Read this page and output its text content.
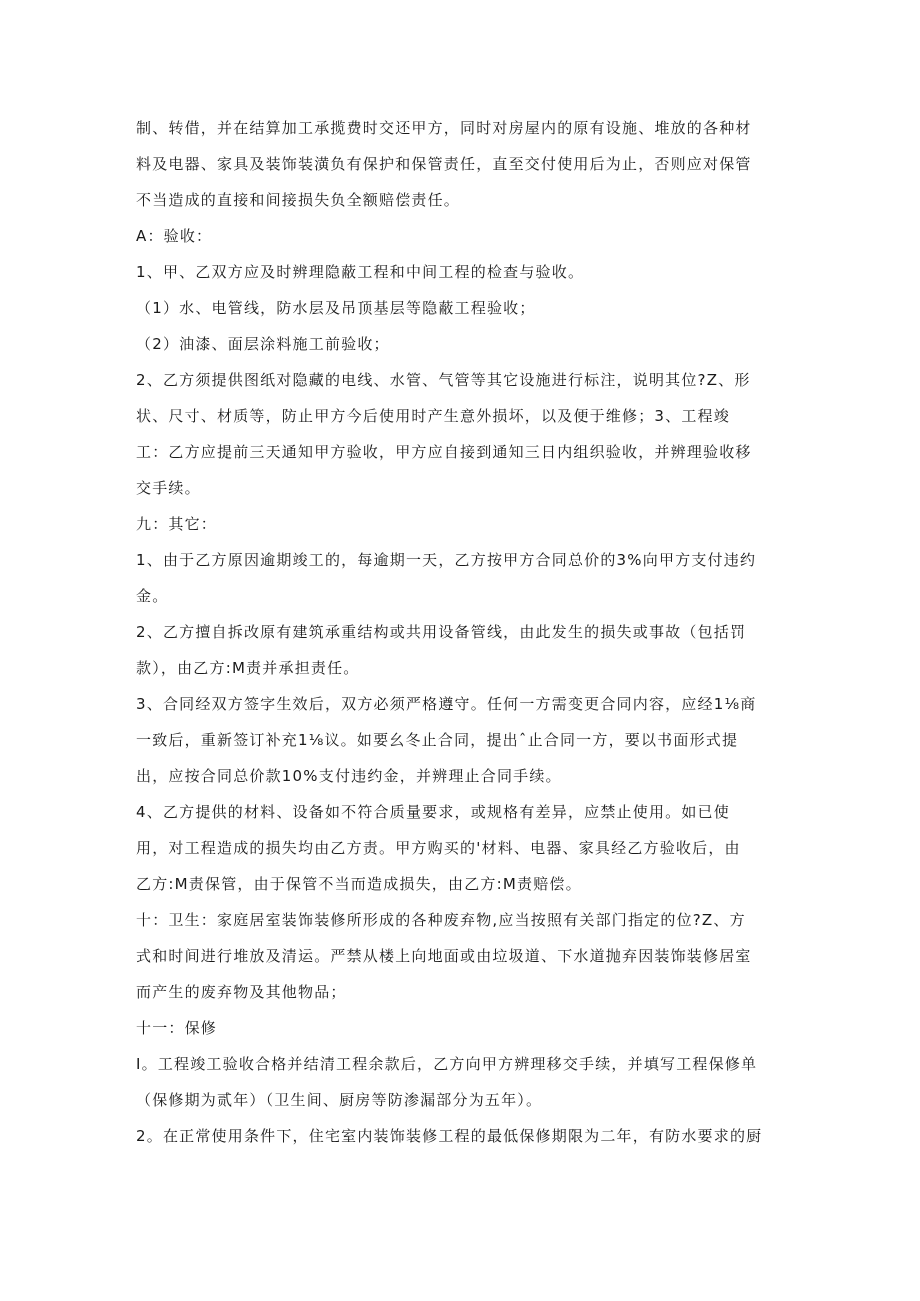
制、转借，并在结算加工承揽费时交还甲方，同时对房屋内的原有设施、堆放的各种材
料及电器、家具及装饰装潢负有保护和保管责任，直至交付使用后为止，否则应对保管
不当造成的直接和间接损失负全额赔偿责任。
A：验收：
1、甲、乙双方应及时辨理隐蔽工程和中间工程的检查与验收。
（1）水、电管线，防水层及吊顶基层等隐蔽工程验收；
（2）油漆、面层涂料施工前验收；
2、乙方须提供图纸对隐藏的电线、水管、气管等其它设施进行标注，说明其位?Z、形
状、尺寸、材质等，防止甲方今后使用时产生意外损坏，以及便于维修；3、工程竣
工：乙方应提前三天通知甲方验收，甲方应自接到通知三日内组织验收，并辨理验收移
交手续。
九：其它：
1、由于乙方原因逾期竣工的，每逾期一天，乙方按甲方合同总价的3%向甲方支付违约
金。
2、乙方擅自拆改原有建筑承重结构或共用设备管线，由此发生的损失或事故（包括罚
款），由乙方:M责并承担责任。
3、合同经双方签字生效后，双方必须严格遵守。任何一方需变更合同内容，应经1⅛商
一致后，重新签订补充1⅛议。如要幺冬止合同，提出ˆ止合同一方，要以书面形式提
出，应按合同总价款10%支付违约金，并辨理止合同手续。
4、乙方提供的材料、设备如不符合质量要求，或规格有差异，应禁止使用。如已使
用，对工程造成的损失均由乙方责。甲方购买的'材料、电器、家具经乙方验收后，由
乙方:M责保管，由于保管不当而造成损失，由乙方:M责赔偿。
十：卫生：家庭居室装饰装修所形成的各种废弃物,应当按照有关部门指定的位?Z、方
式和时间进行堆放及清运。严禁从楼上向地面或由垃圾道、下水道抛弃因装饰装修居室
而产生的废弃物及其他物品；
十一：保修
I。工程竣工验收合格并结清工程余款后，乙方向甲方辨理移交手续，并填写工程保修单
（保修期为贰年）（卫生间、厨房等防渗漏部分为五年）。
2。在正常使用条件下，住宅室内装饰装修工程的最低保修期限为二年，有防水要求的厨
